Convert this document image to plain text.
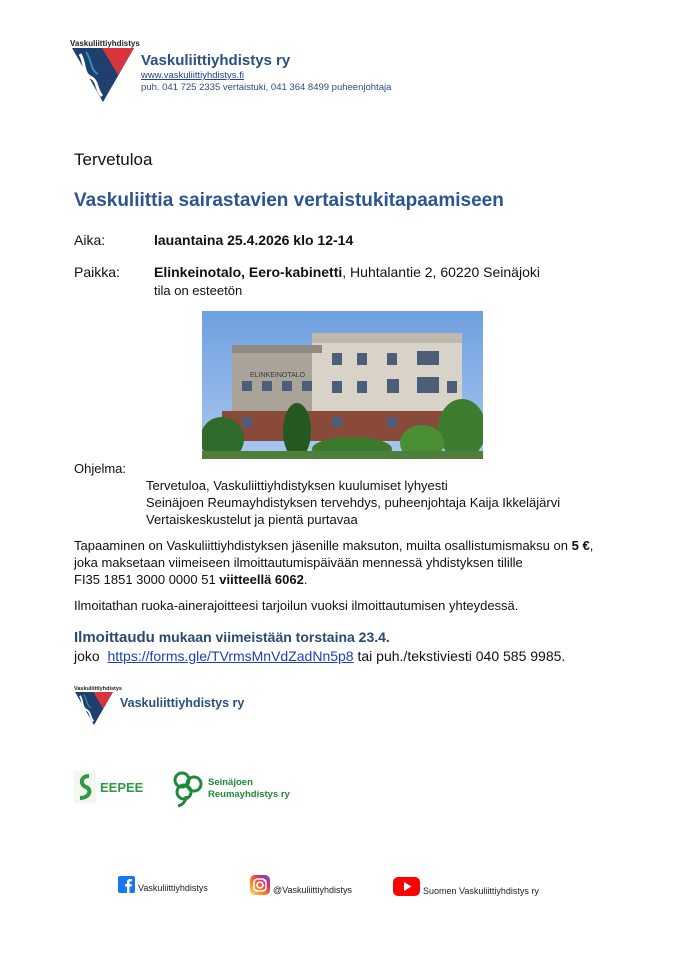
Vaskuliittiyhdistys
Vaskuliittiyhdistys ry
www.vaskuliittiyhdistys.fi
puh. 041 725 2335 vertaistuki, 041 364 8499 puheenjohtaja
Tervetuloa
Vaskuliittia sairastavien vertaistukitapaamiseen
Aika:	lauantaina 25.4.2026 klo 12-14
Paikka: Elinkeinotalo, Eero-kabinetti, Huhtalantie 2, 60220 Seinäjoki
tila on esteetön
ELINKEINOTALO
Ohjelma:
Tervetuloa, Vaskuliittiyhdistyksen kuulumiset lyhyesti
Seinäjoen Reumayhdistyksen tervehdys, puheenjohtaja Kaija Ikkeläjärvi
Vertaiskeskustelut ja pientä purtavaa
Tapaaminen on Vaskuliittiyhdistyksen jäsenille maksuton, muilta osallistumismaksu on 5 €,
joka maksetaan viimeiseen ilmoittautumispäivään mennessä yhdistyksen tilille
FI35 1851 3000 0000 51 viitteellä 6062.
Ilmoitathan ruoka-ainerajoitteesi tarjoilun vuoksi ilmoittautumisen yhteydessä.
Ilmoittaudu mukaan viimeistään torstaina 23.4.
joko  https://forms.gle/TVrmsMnVdZadNn5p8 tai puh./tekstiviesti 040 585 9985.
Vaskuliittiyhdistys
Vaskuliittiyhdistys ry
EEPEE	Seinäjoen
Reumayhdistys ry
Vaskuliittiyhdistys	@Vaskuliittiyhdistys	Suomen Vaskuliittiyhdistys ry
